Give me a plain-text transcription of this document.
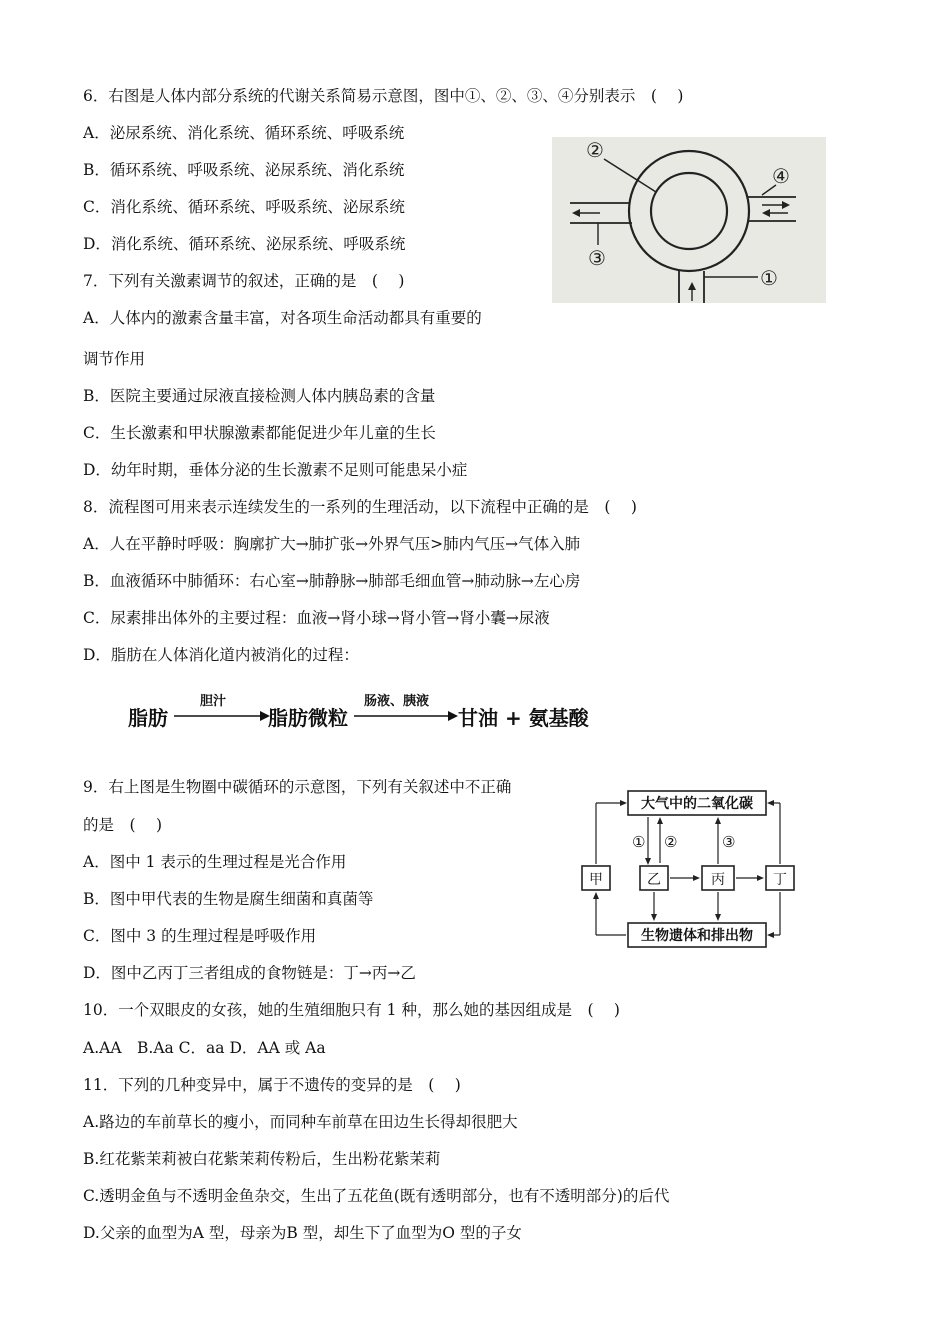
6．右图是人体内部分系统的代谢关系简易示意图，图中①、②、③、④分别表示　(　 )
A．泌尿系统、消化系统、循环系统、呼吸系统
B．循环系统、呼吸系统、泌尿系统、消化系统
C．消化系统、循环系统、呼吸系统、泌尿系统
D．消化系统、循环系统、泌尿系统、呼吸系统
②
③
④
①
7．下列有关激素调节的叙述，正确的是　(　 )
A．人体内的激素含量丰富，对各项生命活动都具有重要的
调节作用
B．医院主要通过尿液直接检测人体内胰岛素的含量
C．生长激素和甲状腺激素都能促进少年儿童的生长
D．幼年时期，垂体分泌的生长激素不足则可能患呆小症
8．流程图可用来表示连续发生的一系列的生理活动，以下流程中正确的是　(　 )
A．人在平静时呼吸：胸廓扩大→肺扩张→外界气压>肺内气压→气体入肺
B．血液循环中肺循环：右心室→肺静脉→肺部毛细血管→肺动脉→左心房
C．尿素排出体外的主要过程：血液→肾小球→肾小管→肾小囊→尿液
D．脂肪在人体消化道内被消化的过程：
脂肪
胆汁
脂肪微粒
肠液、胰液
甘油 + 氨基酸
9．右上图是生物圈中碳循环的示意图，下列有关叙述中不正确
的是　(　 )
A．图中 1 表示的生理过程是光合作用
B．图中甲代表的生物是腐生细菌和真菌等
C．图中 3 的生理过程是呼吸作用
D．图中乙丙丁三者组成的食物链是：丁→丙→乙
大气中的二氧化碳
生物遗体和排出物
甲	乙	丙	丁
① ②	③
10．一个双眼皮的女孩，她的生殖细胞只有 1 种，那么她的基因组成是　(　 )
A.AA　B.Aa C．aa D．AA 或 Aa
11．下列的几种变异中，属于不遗传的变异的是　(　 )
A.路边的车前草长的瘦小，而同种车前草在田边生长得却很肥大
B.红花紫茉莉被白花紫茉莉传粉后，生出粉花紫茉莉
C.透明金鱼与不透明金鱼杂交，生出了五花鱼(既有透明部分，也有不透明部分)的后代
D.父亲的血型为A 型，母亲为B 型，却生下了血型为O 型的子女
